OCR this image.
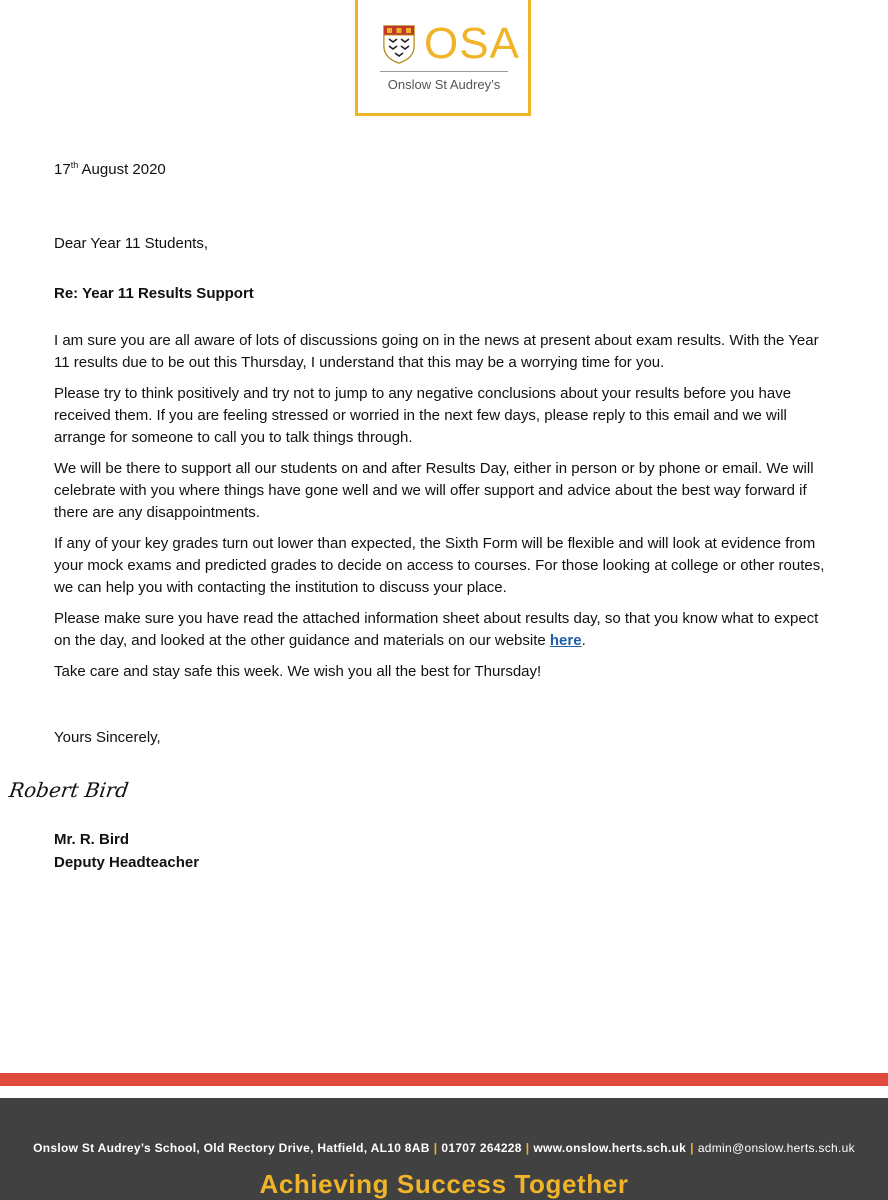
OSA
Onslow St Audrey’s
17th August 2020
Dear Year 11 Students,
Re: Year 11 Results Support

I am sure you are all aware of lots of discussions going on in the news at present about exam results. With the Year 11 results due to be out this Thursday, I understand that this may be a worrying time for you.

Please try to think positively and try not to jump to any negative conclusions about your results before you have received them. If you are feeling stressed or worried in the next few days, please reply to this email and we will arrange for someone to call you to talk things through.

We will be there to support all our students on and after Results Day, either in person or by phone or email. We will celebrate with you where things have gone well and we will offer support and advice about the best way forward if there are any disappointments.

If any of your key grades turn out lower than expected, the Sixth Form will be flexible and will look at evidence from your mock exams and predicted grades to decide on access to courses. For those looking at college or other routes, we can help you with contacting the institution to discuss your place.

Please make sure you have read the attached information sheet about results day, so that you know what to expect on the day, and looked at the other guidance and materials on our website here.

Take care and stay safe this week. We wish you all the best for Thursday!

Yours Sincerely,
Robert Bird
Mr. R. Bird
Deputy Headteacher
Onslow St Audrey’s School, Old Rectory Drive, Hatfield, AL10 8AB | 01707 264228 | www.onslow.herts.sch.uk | admin@onslow.herts.sch.uk
Achieving Success Together
